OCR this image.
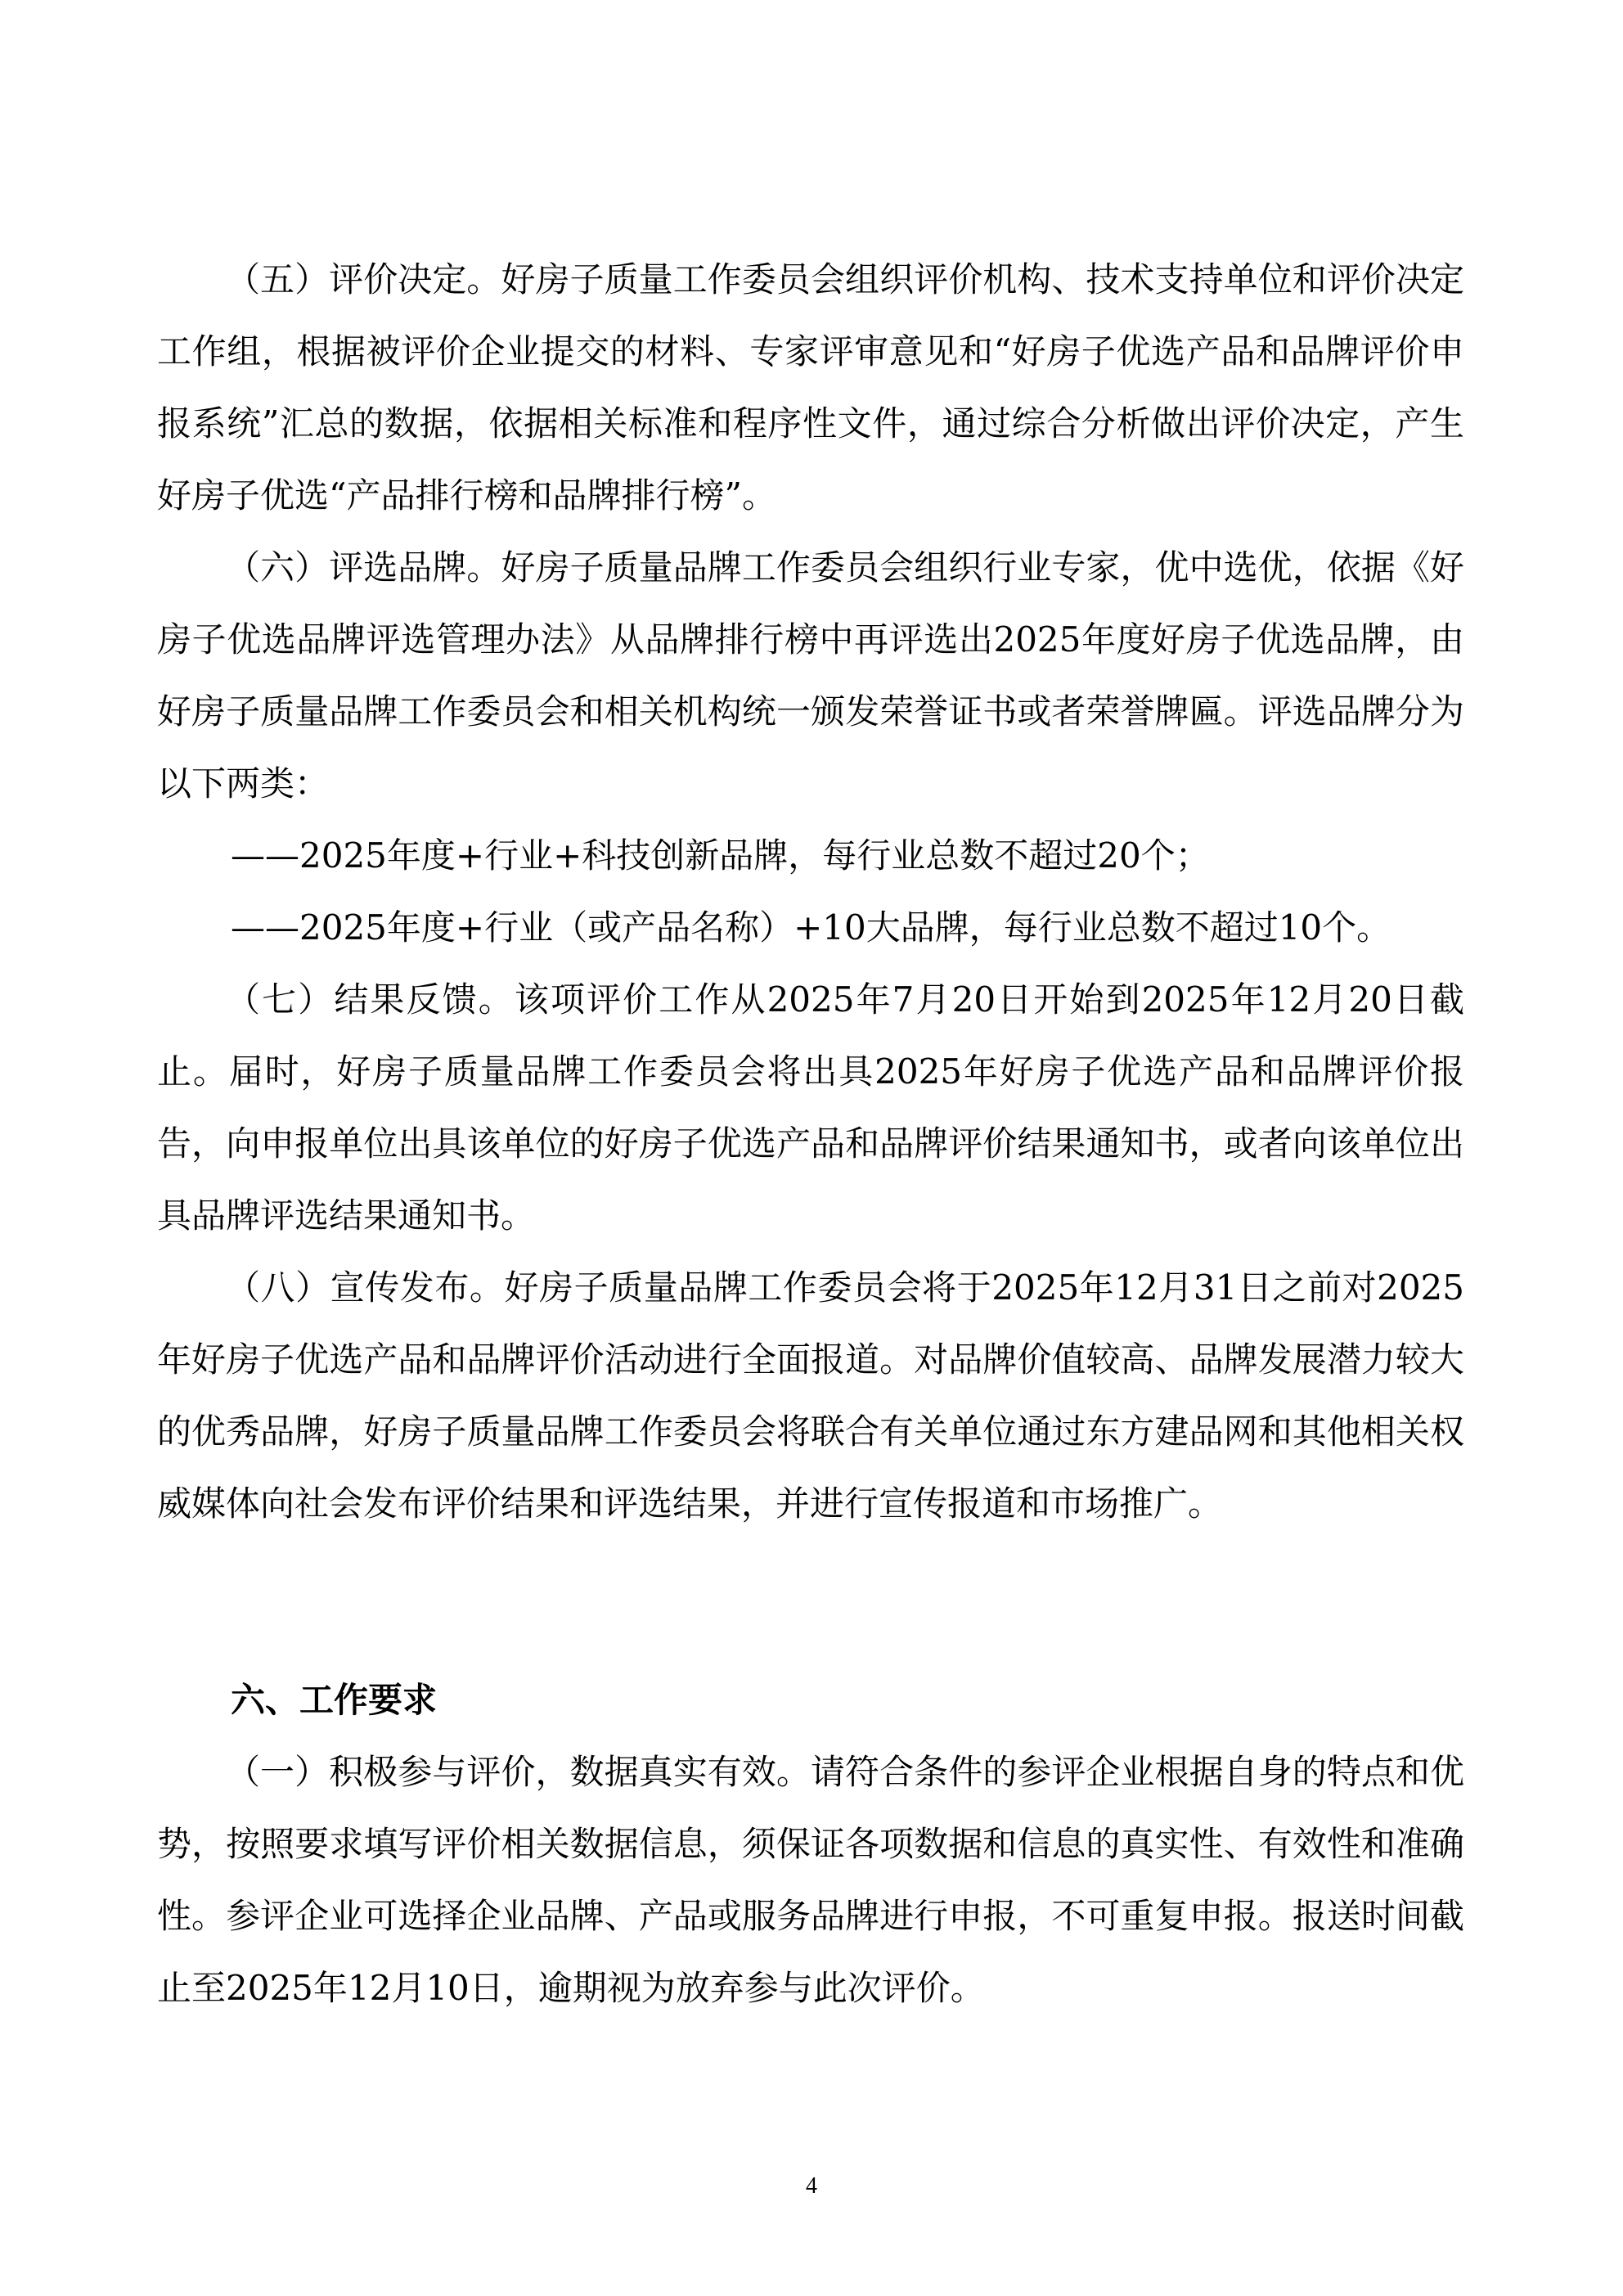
（五）评价决定。好房子质量工作委员会组织评价机构、技术支持单位和评价决定工作组，根据被评价企业提交的材料、专家评审意见和“好房子优选产品和品牌评价申报系统”汇总的数据，依据相关标准和程序性文件，通过综合分析做出评价决定，产生好房子优选“产品排行榜和品牌排行榜”。

（六）评选品牌。好房子质量品牌工作委员会组织行业专家，优中选优，依据《好房子优选品牌评选管理办法》从品牌排行榜中再评选出2025年度好房子优选品牌，由好房子质量品牌工作委员会和相关机构统一颁发荣誉证书或者荣誉牌匾。评选品牌分为以下两类：

——2025年度+行业+科技创新品牌，每行业总数不超过20个；

——2025年度+行业（或产品名称）+10大品牌，每行业总数不超过10个。

（七）结果反馈。该项评价工作从2025年7月20日开始到2025年12月20日截止。届时，好房子质量品牌工作委员会将出具2025年好房子优选产品和品牌评价报告，向申报单位出具该单位的好房子优选产品和品牌评价结果通知书，或者向该单位出具品牌评选结果通知书。

（八）宣传发布。好房子质量品牌工作委员会将于2025年12月31日之前对2025年好房子优选产品和品牌评价活动进行全面报道。对品牌价值较高、品牌发展潜力较大的优秀品牌，好房子质量品牌工作委员会将联合有关单位通过东方建品网和其他相关权威媒体向社会发布评价结果和评选结果，并进行宣传报道和市场推广。

六、工作要求

（一）积极参与评价，数据真实有效。请符合条件的参评企业根据自身的特点和优势，按照要求填写评价相关数据信息，须保证各项数据和信息的真实性、有效性和准确性。参评企业可选择企业品牌、产品或服务品牌进行申报，不可重复申报。报送时间截止至2025年12月10日，逾期视为放弃参与此次评价。

4
